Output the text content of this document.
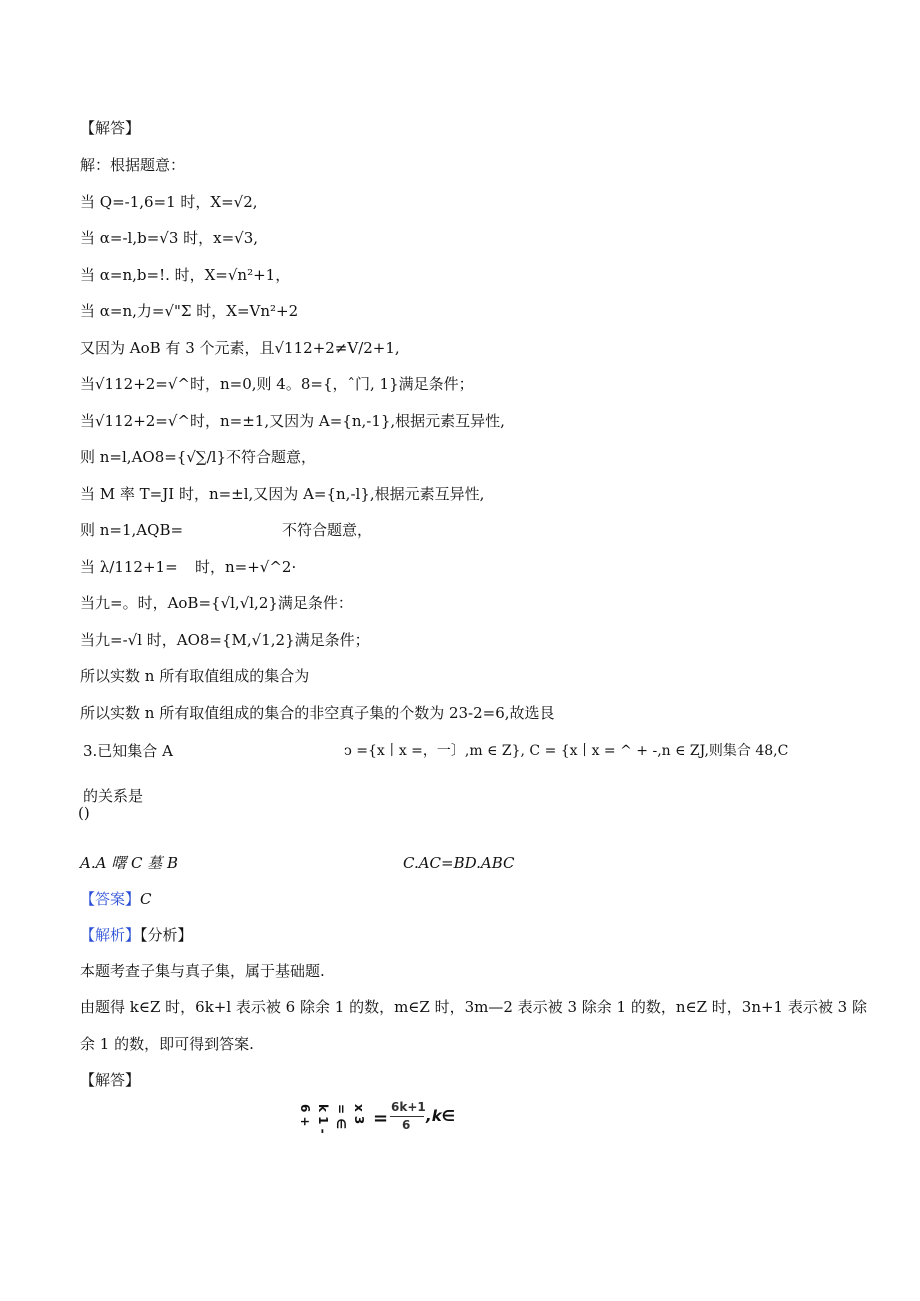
【解答】
解：根据题意：
当 Q=-1,6=1 时，X=√2,
当 α=-l,b=√3 时，x=√3,
当 α=n,b=!. 时，X=√n²+1，
当 α=n,力=√"Σ 时，X=Vn²+2
又因为 AoB 有 3 个元素，且√112+2≠V/2+1,
当√112+2=√^时，n=0,则 4。8={，ˆ门, 1}满足条件；
当√112+2=√^时，n=±1,又因为 A={n,-1},根据元素互异性,
则 n=l,AO8={√∑/l}不符合题意，
当 M 率 T=JI 时，n=±l,又因为 A={n,-l},根据元素互异性,
则 n=1,AQB=	不符合题意，
当 λ/112+1= 时，n=+√^2·
当九=。时，AoB={√l,√l,2}满足条件：
当九=-√l 时，AO8={M,√1,2}满足条件；
所以实数 n 所有取值组成的集合为
所以实数 n 所有取值组成的集合的非空真子集的个数为 23-2=6,故选艮
3.已知集合 A	ↄ ={x丨x =，一〕,m ∈ Z}, C = {x丨x = ^ + -,n ∈ ZJ,则集合 48,C
的关系是
()
A.A 曙 C 墓 B	C.AC=BD.ABC
【答案】C
【解析】【分析】
本题考查子集与真子集，属于基础题.
由题得 k∈Z 时，6k+l 表示被 6 除余 1 的数，m∈Z 时，3m—2 表示被 3 除余 1 的数，n∈Z 时，3n+1 表示被 3 除
余 1 的数，即可得到答案.
【解答】
6 + k 1 - = ∈ x 3 =
6k+1
6 ,k∈
